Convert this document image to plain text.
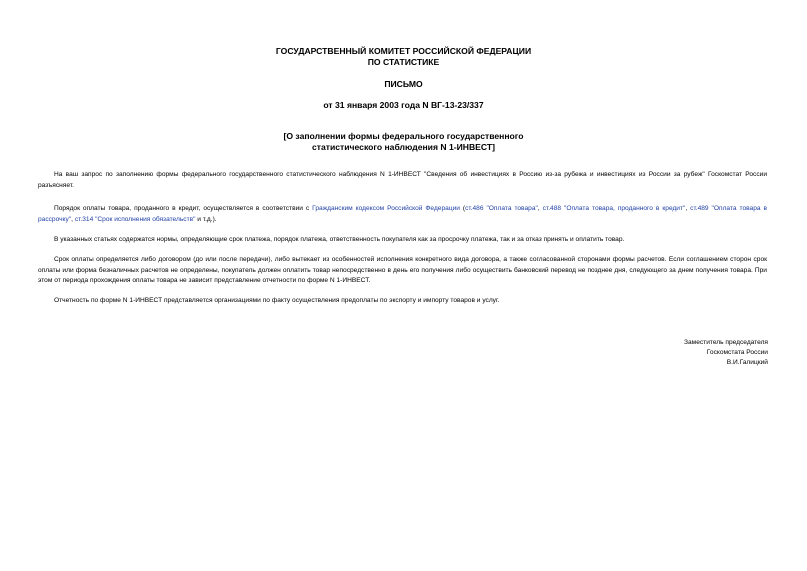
ГОСУДАРСТВЕННЫЙ КОМИТЕТ РОССИЙСКОЙ ФЕДЕРАЦИИ
ПО СТАТИСТИКЕ
ПИСЬМО
от 31 января 2003 года N ВГ-13-23/337
[О заполнении формы федерального государственного
статистического наблюдения N 1-ИНВЕСТ]
На ваш запрос по заполнению формы федерального государственного статистического наблюдения N 1-ИНВЕСТ "Сведения об инвестициях в Россию из-за рубежа и инвестициях из России за рубеж" Госкомстат России разъясняет.
Порядок оплаты товара, проданного в кредит, осуществляется в соответствии с Гражданским кодексом Российской Федерации (ст.486 "Оплата товара", ст.488 "Оплата товара, проданного в кредит", ст.489 "Оплата товара в рассрочку", ст.314 "Срок исполнения обязательств" и т.д.).
В указанных статьях содержатся нормы, определяющие срок платежа, порядок платежа, ответственность покупателя как за просрочку платежа, так и за отказ принять и оплатить товар.
Срок оплаты определяется либо договором (до или после передачи), либо вытекает из особенностей исполнения конкретного вида договора, а также согласованной сторонами формы расчетов. Если соглашением сторон срок оплаты или форма безналичных расчетов не определены, покупатель должен оплатить товар непосредственно в день его получения либо осуществить банковский перевод не позднее дня, следующего за днем получения товара. При этом от периода прохождения оплаты товара не зависит представление отчетности по форме N 1-ИНВЕСТ.
Отчетность по форме N 1-ИНВЕСТ представляется организациями по факту осуществления предоплаты по экспорту и импорту товаров и услуг.
Заместитель председателя
Госкомстата России
В.И.Галицкий
